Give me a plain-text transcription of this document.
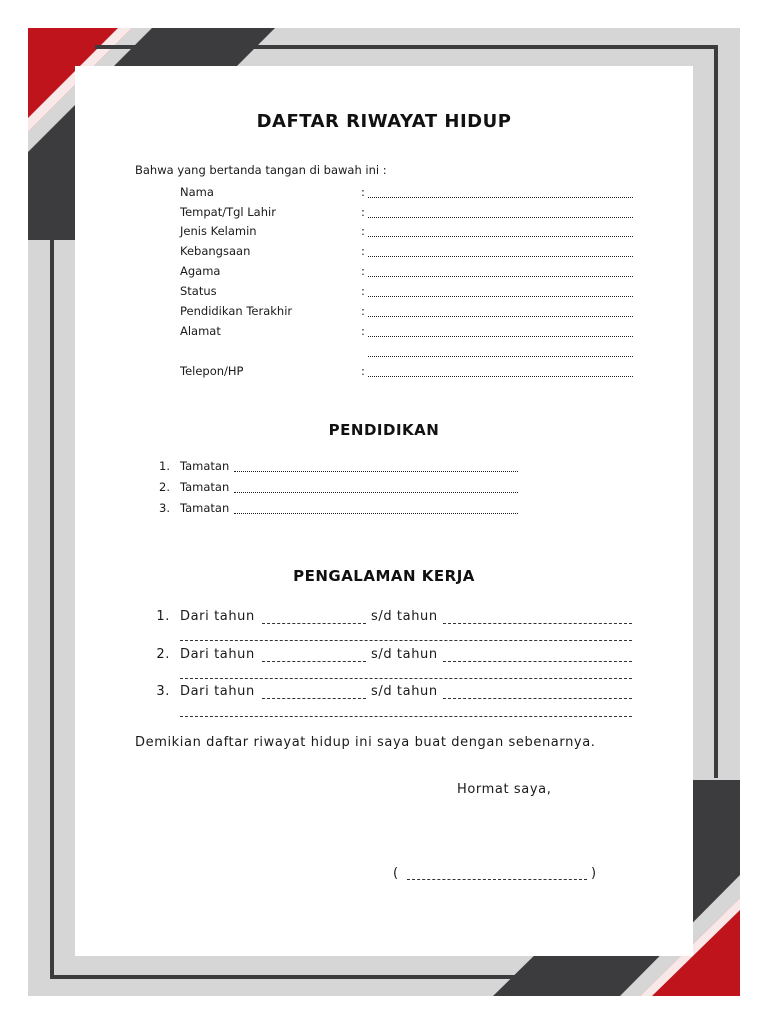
DAFTAR RIWAYAT HIDUP
Bahwa yang bertanda tangan di bawah ini :
Nama	:
Tempat/Tgl Lahir	:
Jenis Kelamin	:
Kebangsaan	:
Agama	:
Status	:
Pendidikan Terakhir	:
Alamat	:
Telepon/HP	:
PENDIDIKAN
1. Tamatan
2. Tamatan
3. Tamatan
PENGALAMAN KERJA
1. Dari tahun	s/d tahun
2. Dari tahun	s/d tahun
3. Dari tahun	s/d tahun
Demikian daftar riwayat hidup ini saya buat dengan sebenarnya.
Hormat saya,
(	)
